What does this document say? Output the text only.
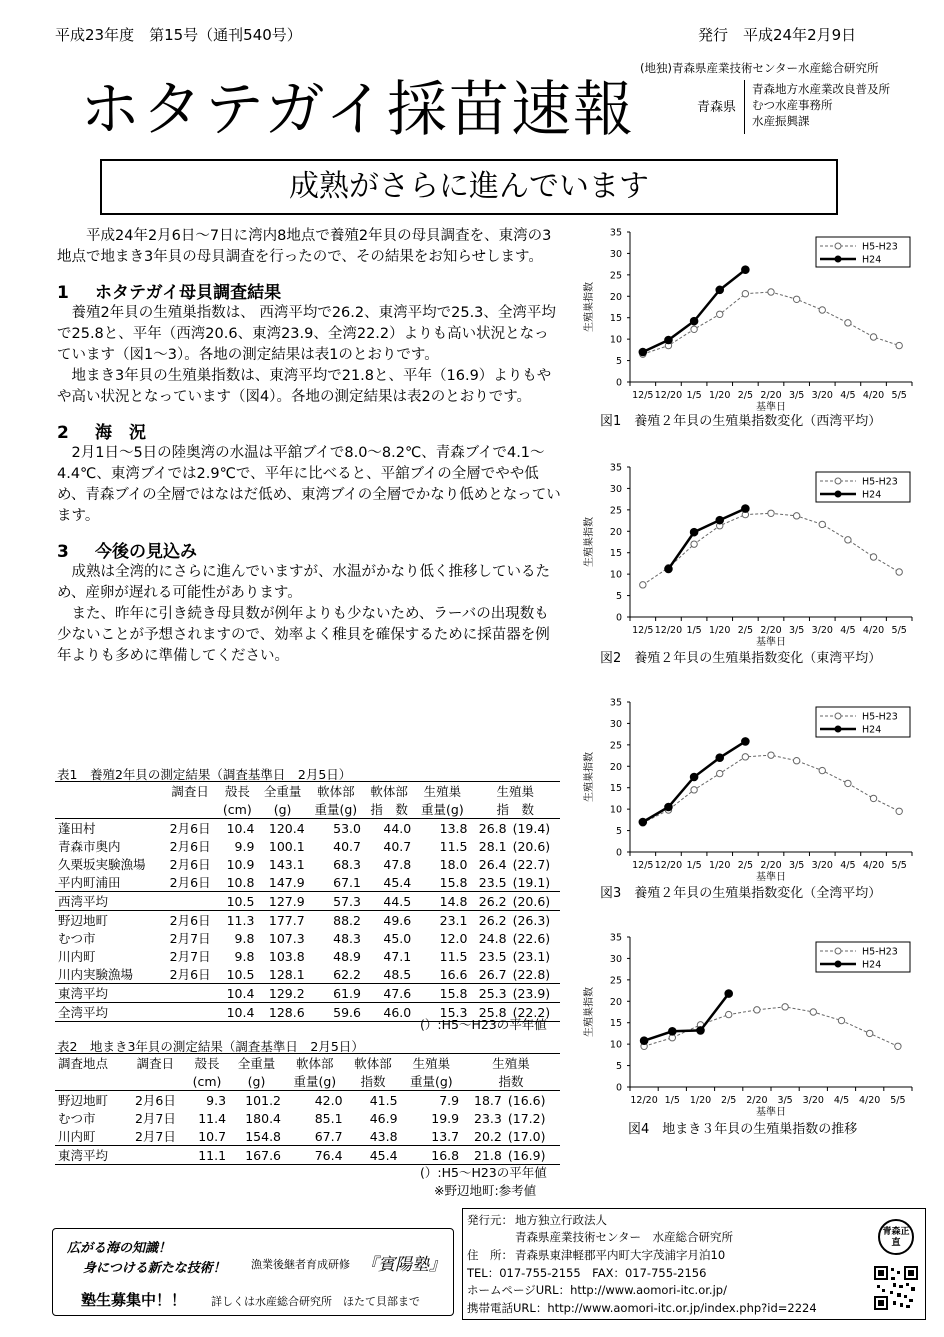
平成23年度　第15号（通刊540号）	発行　平成24年2月9日
(地独)青森県産業技術センター水産総合研究所
青森県
青森地方水産業改良普及所
むつ水産事務所
水産振興課
ホタテガイ採苗速報
成熟がさらに進んでいます

平成24年2月6日～7日に湾内8地点で養殖2年貝の母貝調査を、東湾の3地点で地まき3年貝の母貝調査を行ったので、その結果をお知らせします。

1 ホタテガイ母貝調査結果

養殖2年貝の生殖巣指数は、 西湾平均で26.2、東湾平均で25.3、全湾平均で25.8と、平年（西湾20.6、東湾23.9、全湾22.2）よりも高い状況となっています（図1～3）。各地の測定結果は表1のとおりです。

地まき3年貝の生殖巣指数は、東湾平均で21.8と、平年（16.9）よりもやや高い状況となっています（図4）。各地の測定結果は表2のとおりです。

2 海　況

2月1日～5日の陸奥湾の水温は平舘ブイで8.0～8.2℃、青森ブイで4.1～4.4℃、東湾ブイでは2.9℃で、平年に比べると、平舘ブイの全層でやや低め、青森ブイの全層ではなはだ低め、東湾ブイの全層でかなり低めとなっています。

3 今後の見込み

成熟は全湾的にさらに進んでいますが、水温がかなり低く推移しているため、産卵が遅れる可能性があります。

また、昨年に引き続き母貝数が例年よりも少ないため、ラーバの出現数も少ないことが予想されますので、効率よく稚貝を確保するために採苗器を例年よりも多めに準備してください。

表1　養殖2年貝の測定結果（調査基準日　2月5日）
	調査日	殻長	全重量	軟体部	軟体部	生殖巣	生殖巣	
		(cm)	(g)	重量(g)	指　数	重量(g)	指　数	
蓬田村	2月6日	10.4	120.4	53.0	44.0	13.8	26.8	(19.4)
青森市奥内	2月6日	9.9	100.1	40.7	40.7	11.5	28.1	(20.6)
久栗坂実験漁場	2月6日	10.9	143.1	68.3	47.8	18.0	26.4	(22.7)
平内町浦田	2月6日	10.8	147.9	67.1	45.4	15.8	23.5	(19.1)
西湾平均		10.5	127.9	57.3	44.5	14.8	26.2	(20.6)
野辺地町	2月6日	11.3	177.7	88.2	49.6	23.1	26.2	(26.3)
むつ市	2月7日	9.8	107.3	48.3	45.0	12.0	24.8	(22.6)
川内町	2月7日	9.8	103.8	48.9	47.1	11.5	23.5	(23.1)
川内実験漁場	2月6日	10.5	128.1	62.2	48.5	16.6	26.7	(22.8)
東湾平均		10.4	129.2	61.9	47.6	15.8	25.3	(23.9)
全湾平均		10.4	128.6	59.6	46.0	15.3	25.8	(22.2)
(）:H5～H23の平年値
表2　地まき3年貝の測定結果（調査基準日　2月5日）
調査地点	調査日	殻長	全重量	軟体部	軟体部	生殖巣	生殖巣	
		(cm)	(g)	重量(g)	指数	重量(g)	指数	
野辺地町	2月6日	9.3	101.2	42.0	41.5	7.9	18.7	(16.6)
むつ市	2月7日	11.4	180.4	85.1	46.9	19.9	23.3	(17.2)
川内町	2月7日	10.7	154.8	67.7	43.8	13.7	20.2	(17.0)
東湾平均		11.1	167.6	76.4	45.4	16.8	21.8	(16.9)
(）:H5～H23の平年値
※野辺地町:参考値
0
5
10
15
20
25
30
35
12/5 12/20 1/5 1/20 2/5 2/20 3/5 3/20 4/5 4/20 5/5
基準日
生殖巣指数
H5-H23
H24
図1　養殖２年貝の生殖巣指数変化（西湾平均）
0
5
10
15
20
25
30
35
12/5 12/20 1/5 1/20 2/5 2/20 3/5 3/20 4/5 4/20 5/5
基準日
生殖巣指数
H5-H23
H24
図2　養殖２年貝の生殖巣指数変化（東湾平均）
0
5
10
15
20
25
30
35
12/5 12/20 1/5 1/20 2/5 2/20 3/5 3/20 4/5 4/20 5/5
基準日
生殖巣指数
H5-H23
H24
図3　養殖２年貝の生殖巣指数変化（全湾平均）
0
5
10
15
20
25
30
35
12/20 1/5 1/20 2/5 2/20 3/5 3/20 4/5 4/20 5/5
基準日
生殖巣指数
H5-H23
H24
図4　地まき３年貝の生殖巣指数の推移
広がる海の知識！
身につける新たな技術！ 漁業後継者育成研修 『賓陽塾』
塾生募集中！！ 詳しくは水産総合研究所　ほたて貝部まで
発行元： 地方独立行政法人
青森県産業技術センター　水産総合研究所
住　所： 青森県東津軽郡平内町大字茂浦字月泊10
TEL：017-755-2155　FAX：017-755-2156
ホームページURL：http://www.aomori-itc.or.jp/
携帯電話URL：http://www.aomori-itc.or.jp/index.php?id=2224
青森正直
